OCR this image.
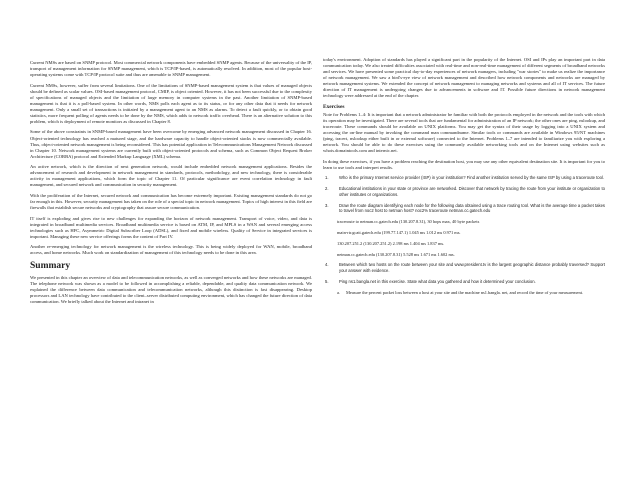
Current NMSs are based on SNMP protocol. Most commercial network components have embedded SNMP agents. Because of the universality of the IP, transport of management information for SNMP management, which is TCP/IP-based, is automatically resolved. In addition, most of the popular host-operating systems come with TCP/IP protocol suite and thus are amenable to SNMP management.

Current NMSs, however, suffer from several limitations. One of the limitations of SNMP-based management system is that values of managed objects should be defined as scalar values. OSI-based management protocol, CMIP, is object oriented. However, it has not been successful due to the complexity of specifications of managed objects and the limitation of large memory in computer systems in the past. Another limitation of SNMP-based management is that it is a poll-based system. In other words, NMS polls each agent as to its status, or for any other data that it needs for network management. Only a small set of transactions is initiated by a management agent to an NMS as alarms. To detect a fault quickly, or to obtain good statistics, more frequent polling of agents needs to be done by the NMS, which adds to network traffic overhead. There is an alternative solution to this problem, which is deployment of remote monitors as discussed in Chapter 8.

Some of the above constraints in SNMP-based management have been overcome by emerging advanced network management discussed in Chapter 16. Object-oriented technology has reached a matured stage, and the hardware capacity to handle object-oriented stacks is now commercially available. Thus, object-oriented network management is being reconsidered. This has potential application in Telecommunications Management Network discussed in Chapter 10. Network management systems are currently built with object-oriented protocols and schema, such as Common Object Request Broker Architecture (CORBA) protocol and Extended Markup Language (XML) schema.

An active network, which is the direction of next generation network, would include embedded network management applications. Besides the advancement of research and development in network management in standards, protocols, methodology, and new technology, there is considerable activity in management applications, which form the topic of Chapter 11. Of particular significance are event correlation technology in fault management, and secured network and communication in security management.

With the proliferation of the Internet, secured network and communication has become extremely important. Existing management standards do not go far enough in this. However, security management has taken on the role of a special topic in network management. Topics of high interest in this field are firewalls that establish secure networks and cryptography that assure secure communication.

IT itself is exploding and gives rise to new challenges for expanding the horizon of network management. Transport of voice, video, and data is integrated in broadband multimedia services. Broadband multimedia service is based on ATM, IP, and MPLS in a WAN and several emerging access technologies such as HFC, Asymmetric Digital Subscriber Loop (ADSL), and fixed and mobile wireless. Quality of Service in integrated services is important. Managing these new service offerings forms the content of Part IV.

Another re-emerging technology for network management is the wireless technology. This is being widely deployed for WAN, mobile, broadband access, and home networks. Much work on standardization of management of this technology needs to be done in this area.

Summary

We presented in this chapter an overview of data and telecommunication networks, as well as converged networks and how these networks are managed. The telephone network was shown as a model to be followed in accomplishing a reliable, dependable, and quality data communication network. We explained the difference between data communication and telecommunication networks, although this distinction is fast disappearing. Desktop processors and LAN technology have contributed to the client–server distributed computing environment, which has changed the future direction of data communication. We briefly talked about the Internet and intranet in

today's environment. Adoption of standards has played a significant part in the popularity of the Internet. OSI and IPs play an important part in data communication today. We also treated difficulties associated with real-time and non-real-time management of different segments of broadband networks and services. We have presented some practical day-to-day experiences of network managers, including "war stories" to make us realize the importance of network management. We saw a bird's-eye view of network management and described how network components and networks are managed by network management systems. We extended the concept of network management to managing networks and systems and all of IT services. The future direction of IT management is undergoing changes due to advancements in software and IT. Possible future directions in network management technology were addressed at the end of the chapter.

Exercises

Note for Problems 1–4: It is important that a network administrator be familiar with both the protocols employed in the network and the tools with which its operation may be investigated. There are several tools that are fundamental for administration of an IP network; the other ones are ping, nslookup, and traceroute. These commands should be available on UNIX platforms. You may get the syntax of their usage by logging into a UNIX system and accessing the on-line manual by invoking the command man commandname. Similar tools or commands are available in Windows 95/NT machines (ping, tracert, nslookup either built in or external software) connected to the Internet. Problems 1–7 are intended to familiarize you with exploring a network. You should be able to do these exercises using the commonly available networking tools and on the Internet using websites such as whois.domaintools.com and internic.net.

In doing these exercises, if you have a problem reaching the destination host, you may use any other equivalent destination site. It is important for you to learn to use tools and interpret results.

1.	Who is the primary Internet service provider (ISP) in your institution? Find another institution served by the same ISP by using a traceroute tool.
2.	Educational institutions in your state or province are networked. Discover that network by tracing the route from your institute or organization to other institutes or organizations.
3.	Draw the route diagram identifying each node for the following data obtained using a trace routing tool. What is the average time a packet takes to travel from noc2 host to netman host? noc2% traceroute netman.cc.gatech.edu
traceroute to netman.cc.gatech.edu (130.207.8.31), 30 hops max, 40 byte packets
main-rtr.gcatt.gatech.edu (199.77.147.1) 1.045 ms 1.012 ms 0.971 ms.
130.207.251.2 (130.207.251.2) 2.198 ms 1.404 ms 1.837 ms.
netman.cc.gatech.edu (130.207.8.31) 5.528 ms 1.671 ms 1.602 ms.
4.	Between which two hosts on the route between your site and www.president.tv is the largest geographic distance probably traversed? Support your answer with evidence.
5.	Ping ns1.bangla.net in this exercise. State what data you gathered and how it determined your conclusion.
a.	Measure the percent packet loss between a host at your site and the machine ns1.bangla. net, and record the time of your measurement.
